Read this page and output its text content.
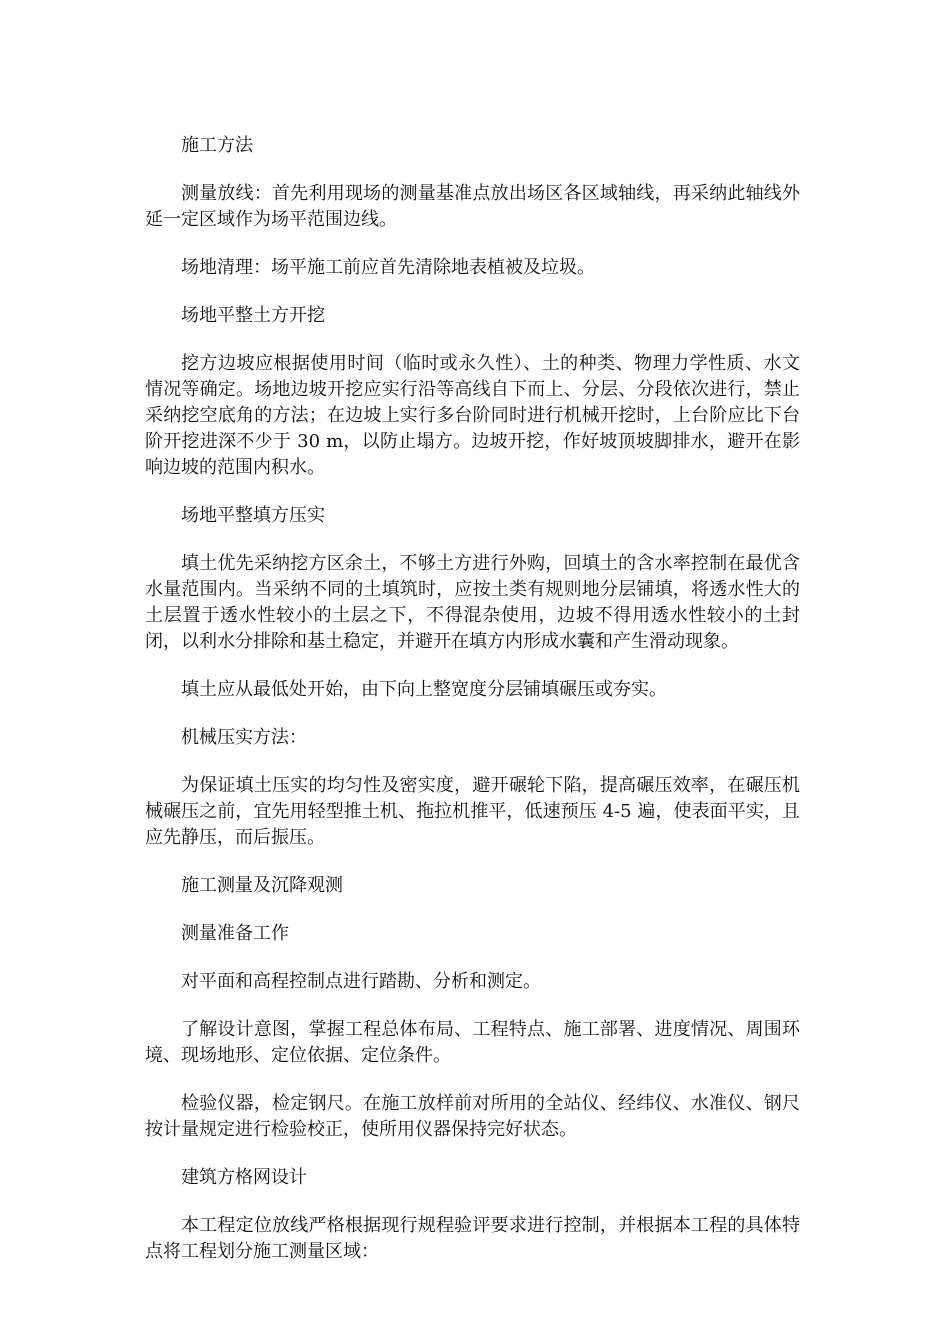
施工方法

测量放线：首先利用现场的测量基准点放出场区各区域轴线，再采纳此轴线外延一定区域作为场平范围边线。

场地清理：场平施工前应首先清除地表植被及垃圾。

场地平整土方开挖

挖方边坡应根据使用时间（临时或永久性）、土的种类、物理力学性质、水文情况等确定。场地边坡开挖应实行沿等高线自下而上、分层、分段依次进行，禁止采纳挖空底角的方法；在边坡上实行多台阶同时进行机械开挖时，上台阶应比下台阶开挖进深不少于 30 m，以防止塌方。边坡开挖，作好坡顶坡脚排水，避开在影响边坡的范围内积水。

场地平整填方压实

填土优先采纳挖方区余土，不够土方进行外购，回填土的含水率控制在最优含水量范围内。当采纳不同的土填筑时，应按土类有规则地分层铺填，将透水性大的土层置于透水性较小的土层之下，不得混杂使用，边坡不得用透水性较小的土封闭，以利水分排除和基土稳定，并避开在填方内形成水囊和产生滑动现象。

填土应从最低处开始，由下向上整宽度分层铺填碾压或夯实。

机械压实方法：

为保证填土压实的均匀性及密实度，避开碾轮下陷，提高碾压效率，在碾压机械碾压之前，宜先用轻型推土机、拖拉机推平，低速预压 4-5 遍，使表面平实，且应先静压，而后振压。

施工测量及沉降观测

测量准备工作

对平面和高程控制点进行踏勘、分析和测定。

了解设计意图，掌握工程总体布局、工程特点、施工部署、进度情况、周围环境、现场地形、定位依据、定位条件。

检验仪器，检定钢尺。在施工放样前对所用的全站仪、经纬仪、水准仪、钢尺按计量规定进行检验校正，使所用仪器保持完好状态。

建筑方格网设计

本工程定位放线严格根据现行规程验评要求进行控制，并根据本工程的具体特点将工程划分施工测量区域：
